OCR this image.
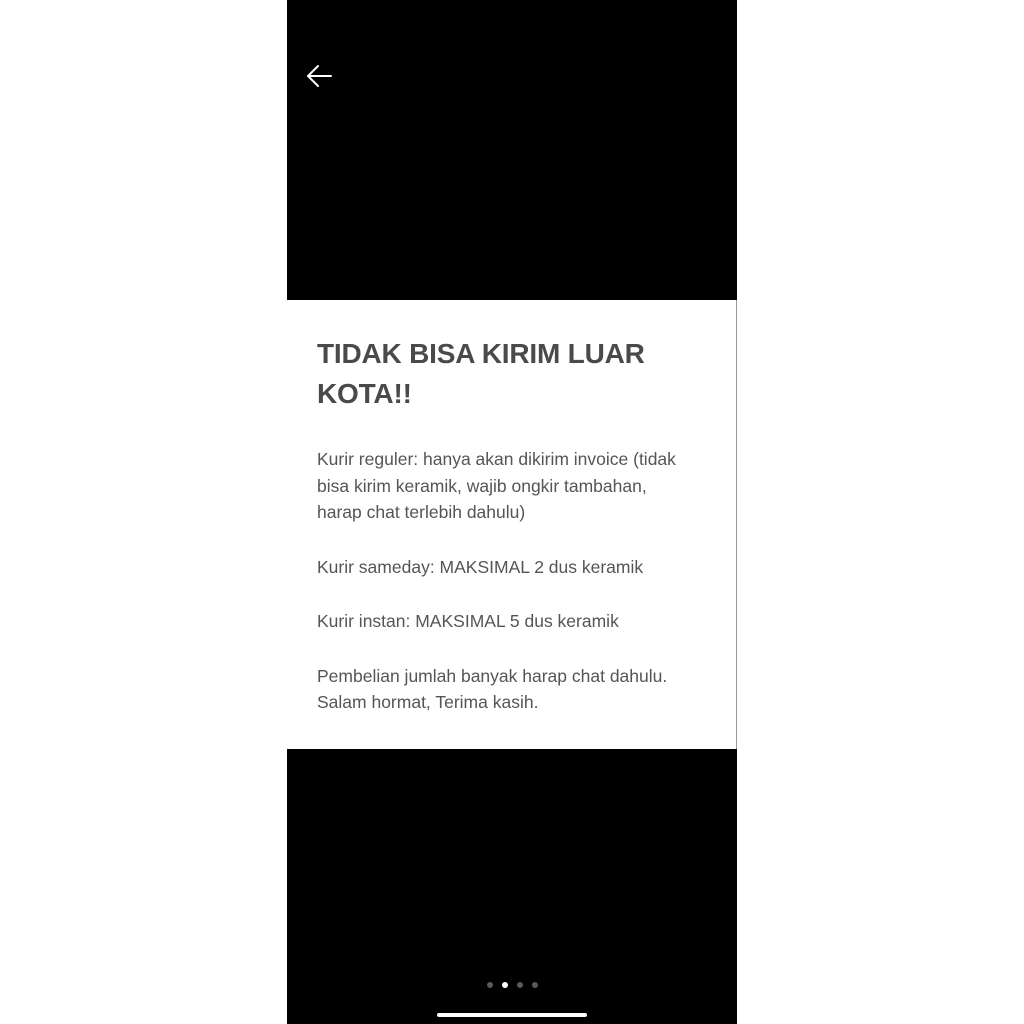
TIDAK BISA KIRIM LUAR
KOTA!!

Kurir reguler: hanya akan dikirim invoice (tidak
bisa kirim keramik, wajib ongkir tambahan,
harap chat terlebih dahulu)

Kurir sameday: MAKSIMAL 2 dus keramik

Kurir instan: MAKSIMAL 5 dus keramik

Pembelian jumlah banyak harap chat dahulu.
Salam hormat, Terima kasih.
